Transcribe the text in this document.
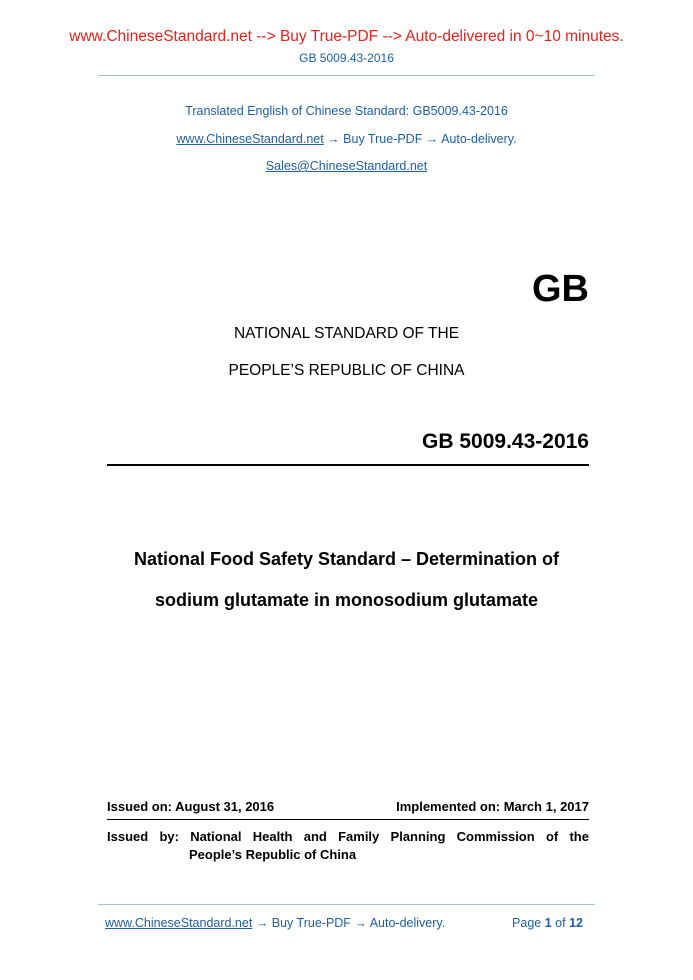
www.ChineseStandard.net --> Buy True-PDF --> Auto-delivered in 0~10 minutes.
GB 5009.43-2016
Translated English of Chinese Standard: GB5009.43-2016
www.ChineseStandard.net → Buy True-PDF → Auto-delivery.
Sales@ChineseStandard.net
GB
NATIONAL STANDARD OF THE
PEOPLE’S REPUBLIC OF CHINA
GB 5009.43-2016
National Food Safety Standard – Determination of
sodium glutamate in monosodium glutamate
Issued on: August 31, 2016	Implemented on: March 1, 2017
Issued by: National Health and Family Planning Commission of the
People’s Republic of China
www.ChineseStandard.net → Buy True-PDF → Auto-delivery.	Page 1 of 12
